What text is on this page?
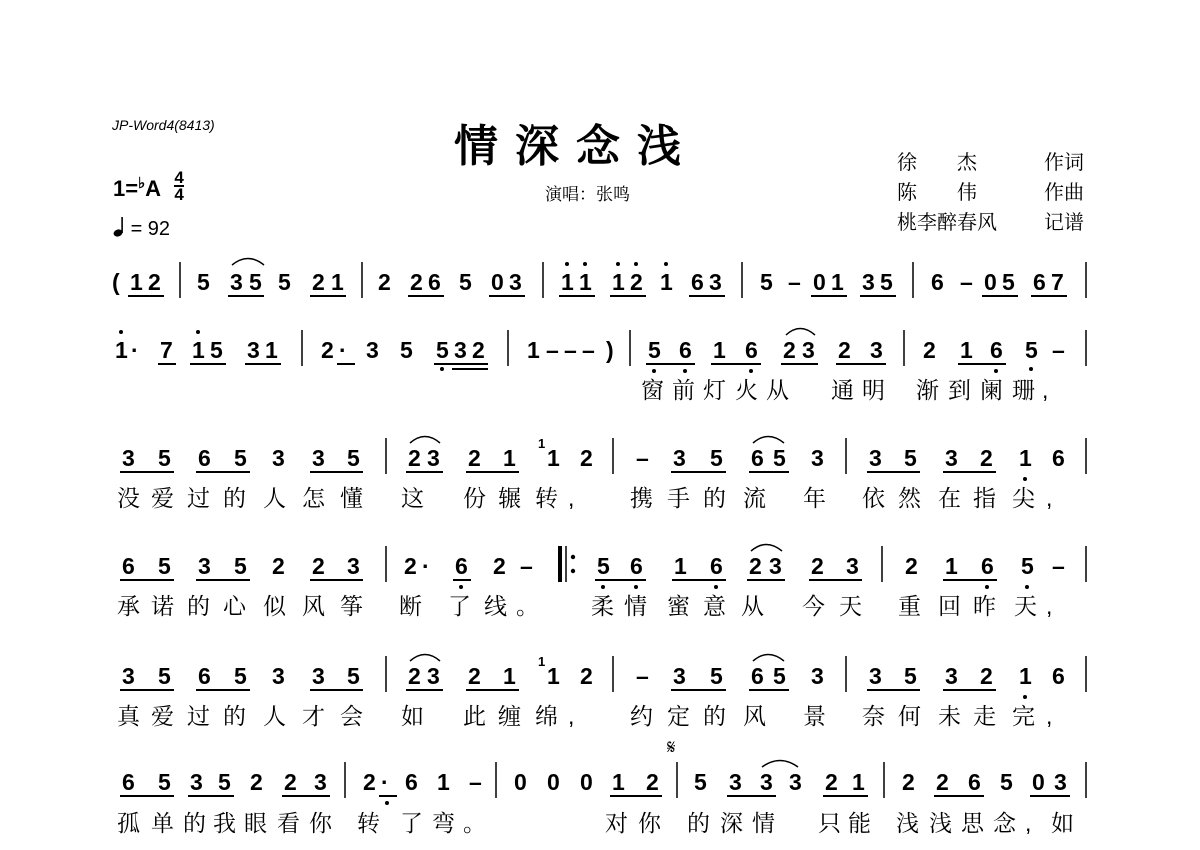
JP-Word4(8413)	情深念浅
演唱：张鸣
徐　　杰	作词
陈　　伟	作曲
桃李醉春风 记谱
$1=^♭A \frac{4}{4}$
= 92
( 1 2 5 3 5 5 2 1 2 2 6 5 0 3 1 1 1 2 1 6 3 5 – 0 1 3 5 6 – 0 5 6 7
1 · 7 1 5 3 1 2 · 3 5 5 3 2 1 – – – ) 5 6 1 6 2 3 2 3 2 1 6 5 –
窗 前 灯 火 从 通 明 渐 到 阑 珊 ,
3 5 6 5 3 3 5 2 3 2 1 1 2 – 3 5 6 5 3 3 5 3 2 1 6
1
没 爱 过 的 人 怎 懂 这 份 辗 转 , 携 手 的 流 年 依 然 在 指 尖 ,
6 5 3 5 2 2 3 2 · 6 2 –	5 6 1 6 2 3 2 3 2 1 6 5 –
承 诺 的 心 似 风 筝 断 了 线 。 柔 情 蜜 意 从 今 天 重 回 昨 天 ,
3 5 6 5 3 3 5 2 3 2 1 1 2 – 3 5 6 5 3 3 5 3 2 1 6
1
真 爱 过 的 人 才 会 如 此 缠 绵 , 约 定 的 风 景 奈 何 未 走 完 ,
𝄋
6 5 3 5 2 2 3 2 · 6 1 – 0 0 0 1 2 5 3 3 3 2 1 2 2 6 5 0 3
孤 单 的 我 眼 看 你 转 了 弯 。	对 你 的 深 情 只 能 浅 浅 思 念 , 如
